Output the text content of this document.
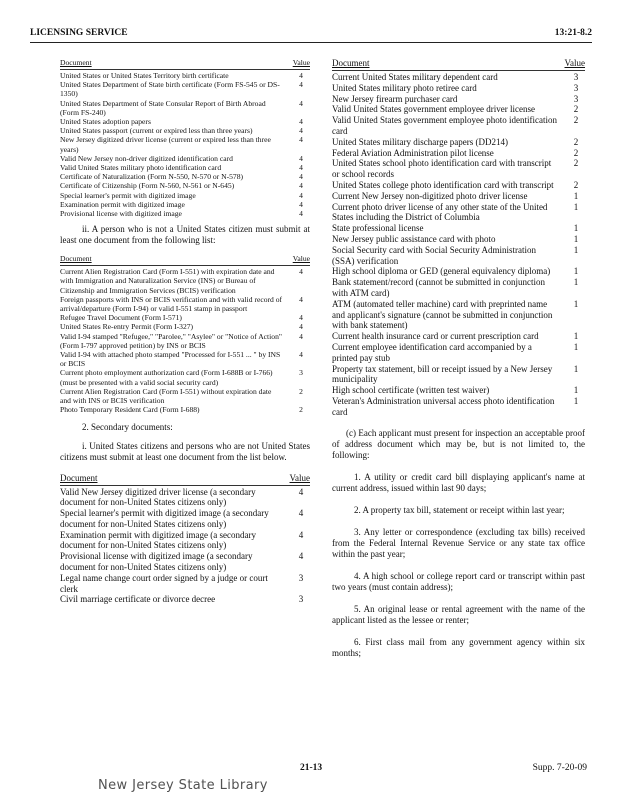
LICENSING SERVICE	13:21-8.2
Document	Value
United States or United States Territory birth certificate	4
United States Department of State birth certificate (Form FS-545 or DS-1350)
4
United States Department of State Consular Report of Birth Abroad (Form FS-240)
4
United States adoption papers	4
United States passport (current or expired less than three years)	4
New Jersey digitized driver license (current or expired less than three years)
4
Valid New Jersey non-driver digitized identification card	4
Valid United States military photo identification card	4
Certificate of Naturalization (Form N-550, N-570 or N-578)	4
Certificate of Citizenship (Form N-560, N-561 or N-645)	4
Special learner's permit with digitized image	4
Examination permit with digitized image	4
Provisional license with digitized image	4
ii. A person who is not a United States citizen must submit at least one document from the following list:
Document	Value
Current Alien Registration Card (Form I-551) with expiration date and with Immigration and Naturalization Service (INS) or Bureau of Citizenship and Immigration Services (BCIS) verification
4
Foreign passports with INS or BCIS verification and with valid record of arrival/departure (Form I-94) or valid I-551 stamp in passport
4
Refugee Travel Document (Form I-571)	4
United States Re-entry Permit (Form I-327)	4
Valid I-94 stamped "Refugee," "Parolee," "Asylee" or "Notice of Action" (Form I-797 approved petition) by INS or BCIS
4
Valid I-94 with attached photo stamped "Processed for I-551 ... " by INS or BCIS
4
Current photo employment authorization card (Form I-688B or I-766) (must be presented with a valid social security card)
3
Current Alien Registration Card (Form I-551) without expiration date and with INS or BCIS verification
2
Photo Temporary Resident Card (Form I-688)	2
2. Secondary documents:
i. United States citizens and persons who are not United States citizens must submit at least one document from the list below.
Document	Value
Valid New Jersey digitized driver license (a secondary document for non-United States citizens only)
4
Special learner's permit with digitized image (a secondary document for non-United States citizens only)
4
Examination permit with digitized image (a secondary document for non-United States citizens only)
4
Provisional license with digitized image (a secondary document for non-United States citizens only)
4
Legal name change court order signed by a judge or court clerk
3
Civil marriage certificate or divorce decree	3
Document	Value
Current United States military dependent card	3
United States military photo retiree card	3
New Jersey firearm purchaser card	3
Valid United States government employee driver license	2
Valid United States government employee photo identification card
2
United States military discharge papers (DD214)	2
Federal Aviation Administration pilot license	2
United States school photo identification card with transcript or school records
2
United States college photo identification card with transcript	2
Current New Jersey non-digitized photo driver license	1
Current photo driver license of any other state of the United States including the District of Columbia
1
State professional license	1
New Jersey public assistance card with photo	1
Social Security card with Social Security Administration (SSA) verification
1
High school diploma or GED (general equivalency diploma)	1
Bank statement/record (cannot be submitted in conjunction with ATM card)
1
ATM (automated teller machine) card with preprinted name and applicant's signature (cannot be submitted in conjunction with bank statement)
1
Current health insurance card or current prescription card	1
Current employee identification card accompanied by a printed pay stub
1
Property tax statement, bill or receipt issued by a New Jersey municipality
1
High school certificate (written test waiver)	1
Veteran's Administration universal access photo identification card
1
(c) Each applicant must present for inspection an acceptable proof of address document which may be, but is not limited to, the following:
1. A utility or credit card bill displaying applicant's name at current address, issued within last 90 days;
2. A property tax bill, statement or receipt within last year;
3. Any letter or correspondence (excluding tax bills) received from the Federal Internal Revenue Service or any state tax office within the past year;
4. A high school or college report card or transcript within past two years (must contain address);
5. An original lease or rental agreement with the name of the applicant listed as the lessee or renter;
6. First class mail from any government agency within six months;
21-13	Supp. 7-20-09
New Jersey State Library
